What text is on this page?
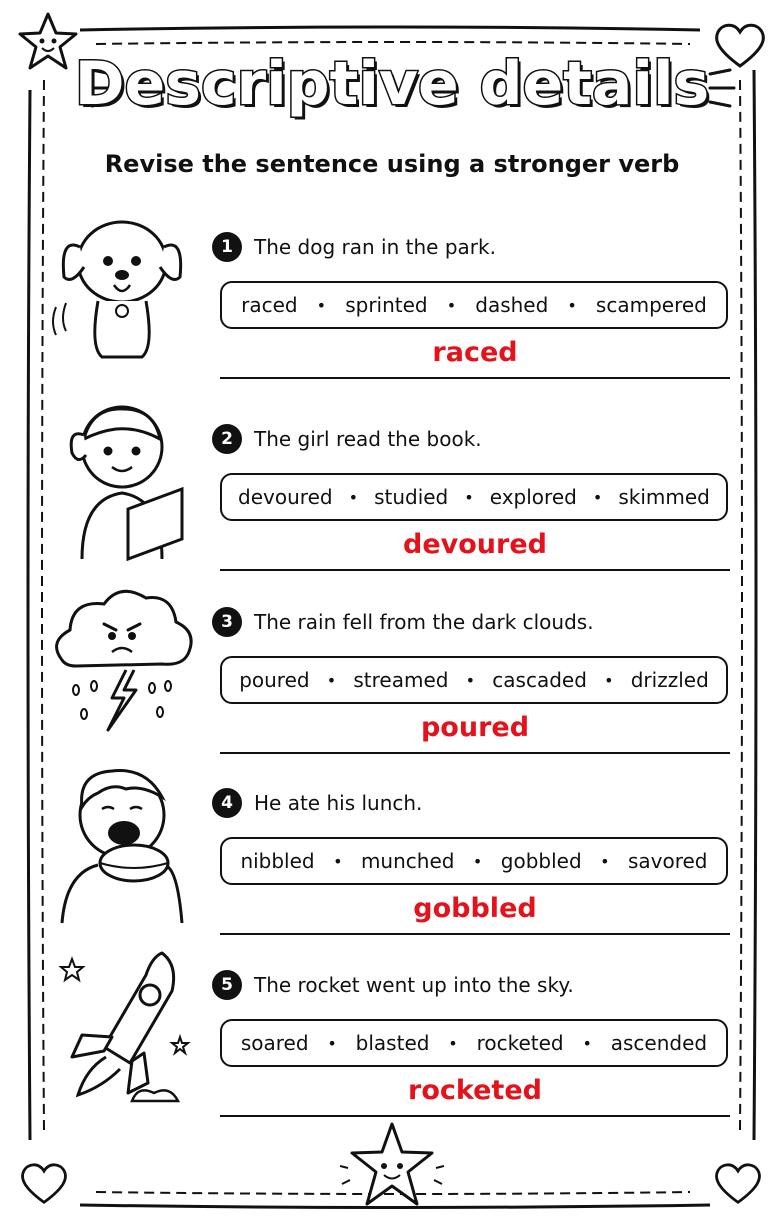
Descriptive details
Revise the sentence using a stronger verb
1	The dog ran in the park.
raced • sprinted • dashed • scampered
raced
2	The girl read the book.
devoured • studied • explored • skimmed
devoured
3	The rain fell from the dark clouds.
poured • streamed • cascaded • drizzled
poured
4	He ate his lunch.
nibbled • munched • gobbled • savored
gobbled
5	The rocket went up into the sky.
soared • blasted • rocketed • ascended
rocketed
